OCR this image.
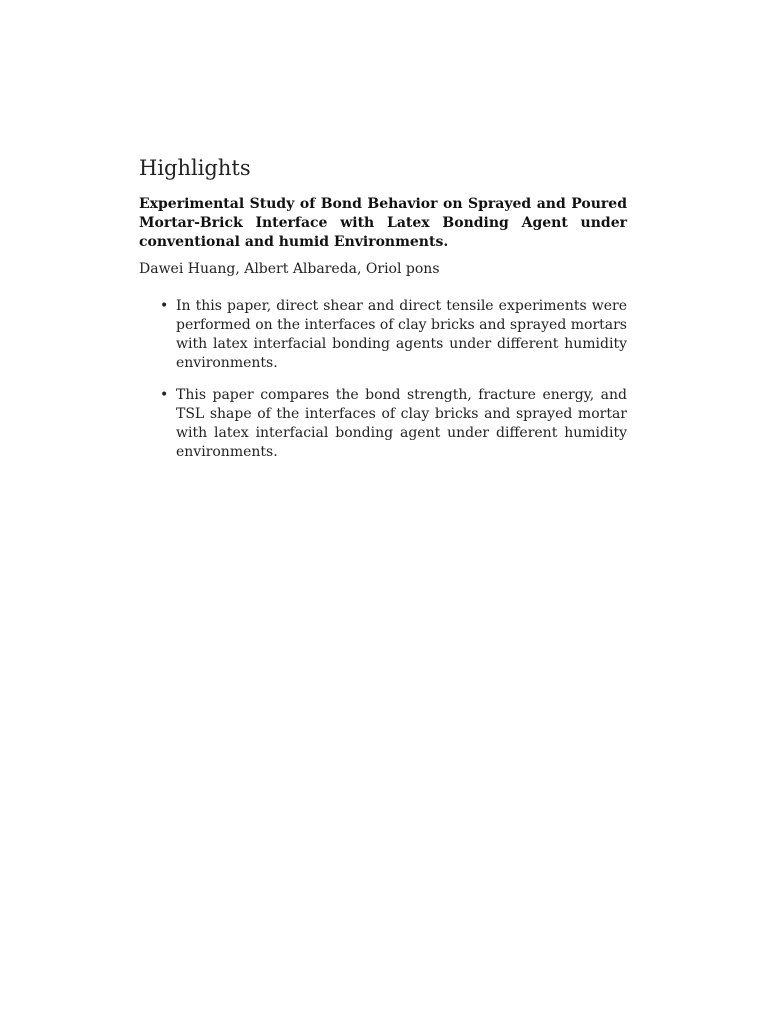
Highlights

Experimental Study of Bond Behavior on Sprayed and Poured Mortar-Brick Interface with Latex Bonding Agent under conventional and humid Environments.

Dawei Huang, Albert Albareda, Oriol pons

• In this paper, direct shear and direct tensile experiments were performed on the interfaces of clay bricks and sprayed mortars with latex interfacial bonding agents under different humidity environments.
• This paper compares the bond strength, fracture energy, and TSL shape of the interfaces of clay bricks and sprayed mortar with latex interfacial bonding agent under different humidity environments.
